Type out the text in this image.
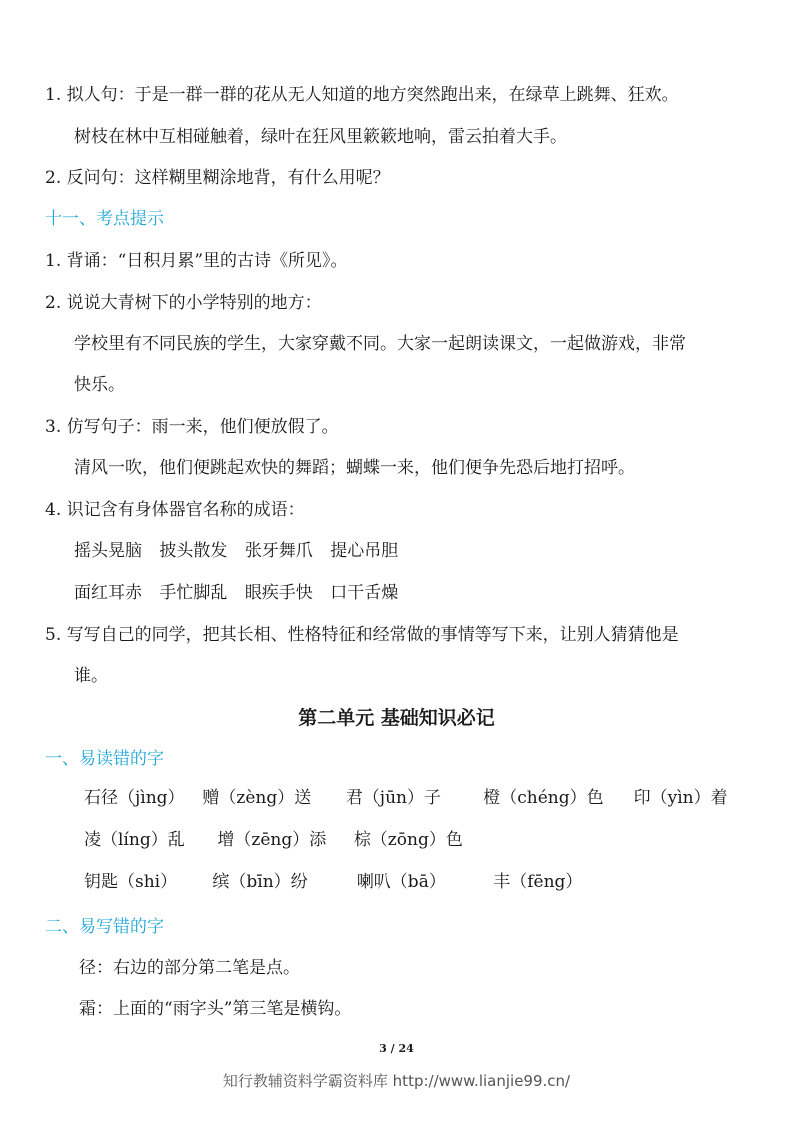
1. 拟人句：于是一群一群的花从无人知道的地方突然跑出来，在绿草上跳舞、狂欢。
树枝在林中互相碰触着，绿叶在狂风里簌簌地响，雷云拍着大手。
2. 反问句：这样糊里糊涂地背，有什么用呢？
十一、考点提示
1. 背诵：“日积月累”里的古诗《所见》。
2. 说说大青树下的小学特别的地方：
学校里有不同民族的学生，大家穿戴不同。大家一起朗读课文，一起做游戏，非常
快乐。
3. 仿写句子：雨一来，他们便放假了。
清风一吹，他们便跳起欢快的舞蹈；蝴蝶一来，他们便争先恐后地打招呼。
4. 识记含有身体器官名称的成语：
摇头晃脑 披头散发 张牙舞爪 提心吊胆
面红耳赤 手忙脚乱 眼疾手快 口干舌燥
5. 写写自己的同学，把其长相、性格特征和经常做的事情等写下来，让别人猜猜他是
谁。
第二单元 基础知识必记
一、易读错的字
石径（jìng） 赠（zèng）送 君（jūn）子 橙（chéng）色 印（yìn）着
凌（líng）乱 增（zēng）添 棕（zōng）色
钥匙（shi） 缤（bīn）纷	喇叭（bā）	丰（fēng）
二、易写错的字
径：右边的部分第二笔是点。
霜：上面的“雨字头”第三笔是横钩。
3 / 24
知行教辅资料学霸资料库 http://www.lianjie99.cn/
